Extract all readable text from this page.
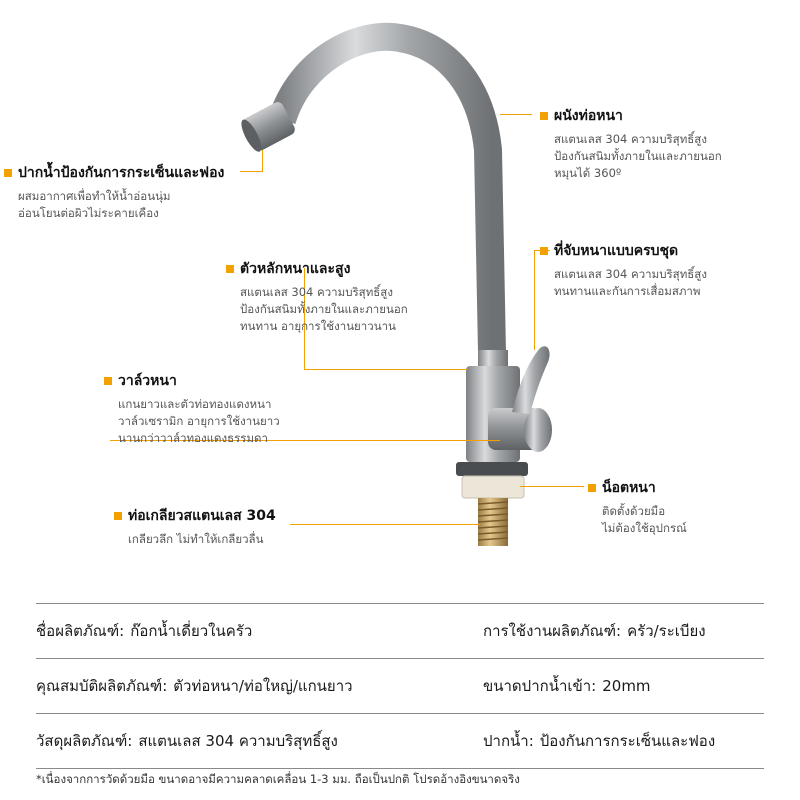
ปากน้ำป้องกันการกระเซ็นและฟอง
ผสมอากาศเพื่อทำให้น้ำอ่อนนุ่ม
อ่อนโยนต่อผิวไม่ระคายเคือง
ผนังท่อหนา
สแตนเลส 304 ความบริสุทธิ์สูง
ป้องกันสนิมทั้งภายในและภายนอก
หมุนได้ 360º
ตัวหลักหนาและสูง
สแตนเลส 304 ความบริสุทธิ์สูง
ป้องกันสนิมทั้งภายในและภายนอก
ทนทาน อายุการใช้งานยาวนาน
ที่จับหนาแบบครบชุด
สแตนเลส 304 ความบริสุทธิ์สูง
ทนทานและกันการเสื่อมสภาพ
วาล์วหนา
แกนยาวและตัวท่อทองแดงหนา
วาล์วเซรามิก อายุการใช้งานยาว
นานกว่าวาล์วทองแดงธรรมดา
น็อตหนา
ติดตั้งด้วยมือ
ไม่ต้องใช้อุปกรณ์
ท่อเกลียวสแตนเลส 304
เกลียวลึก ไม่ทำให้เกลียวลื่น
ชื่อผลิตภัณฑ์: ก๊อกน้ำเดี่ยวในครัว	การใช้งานผลิตภัณฑ์: ครัว/ระเบียง
คุณสมบัติผลิตภัณฑ์: ตัวท่อหนา/ท่อใหญ่/แกนยาว	ขนาดปากน้ำเข้า: 20mm
วัสดุผลิตภัณฑ์: สแตนเลส 304 ความบริสุทธิ์สูง	ปากน้ำ: ป้องกันการกระเซ็นและฟอง
*เนื่องจากการวัดด้วยมือ ขนาดอาจมีความคลาดเคลื่อน 1-3 มม. ถือเป็นปกติ โปรดอ้างอิงขนาดจริง
